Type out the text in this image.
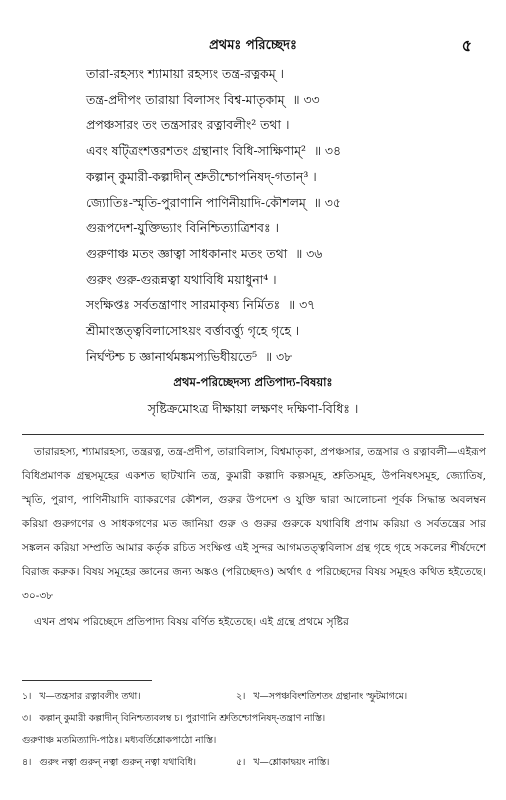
প্রথমঃ পরিচ্ছেদঃ	৫
তারা-রহস্যং শ্যামায়া রহস্যং তন্ত্র-রত্নকম্ ।
তন্ত্র-প্রদীপং তারায়া বিলাসং বিশ্ব-মাতৃকাম্ ॥ ৩৩
প্রপঞ্চসারং তং তন্ত্রসারং রত্নাবলীং² তথা ।
এবং ষট্ত্রিংশত্তরশতং গ্রন্থানাং বিধি-সাক্ষিণাম্² ॥ ৩৪
কল্পান্ কুমারী-কল্পাদীন্ শ্রুতীশ্চোপনিষদ্-গতান্³ ।
জ্যোতিঃ-স্মৃতি-পুরাণানি পাণিনীয়াদি-কৌশলম্ ॥ ৩৫
গুরূপদেশ-যুক্তিভ্যাং বিনিশ্চিত্যাত্রিশবঃ ।
গুরুণাঞ্চ মতং জ্ঞাত্বা সাধকানাং মতং তথা ॥ ৩৬
গুরুং গুরু-গুরূন্নত্বা যথাবিধি ময়াধুনা⁴ ।
সংক্ষিপ্তঃ সর্বতন্ত্রাণাং সারমাকৃষ্য নির্মিতঃ ॥ ৩৭
শ্রীমাংস্তত্ত্ববিলাসোঽয়ং বর্ত্তাবর্ত্ত্যু গৃহে গৃহে ।
নির্ঘণ্টশ্চ চ জ্ঞানার্থমঙ্কমপ্যভিধীয়তে⁵ ॥ ৩৮
প্রথম-পরিচ্ছেদস্য প্রতিপাদ্য-বিষয়াঃ
সৃষ্টিক্রমোঽত্র দীক্ষায়া লক্ষণং দক্ষিণা-বিধিঃ ।

তারারহস্য, শ্যামারহস্য, তন্ত্ররত্ন, তন্ত্র-প্রদীপ, তারাবিলাস, বিশ্বমাতৃকা, প্রপঞ্চসার, তন্ত্রসার ও রত্নাবলী—এইরূপ বিধিপ্রমাণক গ্রন্থসমূহের একশত ছাটখানি তন্ত্র, কুমারী কল্পাদি কল্পসমূহ, শ্রুতিসমূহ, উপনিষৎসমূহ, জ্যোতিষ, স্মৃতি, পুরাণ, পাণিনীয়াদি ব্যাকরণের কৌশল, গুরুর উপদেশ ও যুক্তি দ্বারা আলোচনা পূর্বক সিদ্ধান্ত অবলম্বন করিয়া গুরুগণের ও সাধকগণের মত জানিয়া গুরু ও গুরুর গুরুকে যথাবিধি প্রণাম করিয়া ও সর্বতন্ত্রের সার সঙ্কলন করিয়া সম্প্রতি আমার কর্তৃক রচিত সংক্ষিপ্ত এই সুন্দর আগমতত্ত্ববিলাস গ্রন্থ গৃহে গৃহে সকলের শীর্ষদেশে বিরাজ করুক। বিষয় সমূহের জ্ঞানের জন্য অঙ্কও (পরিচ্ছেদও) অর্থাৎ ৫ পরিচ্ছেদের বিষয় সমূহও কথিত হইতেছে। ৩০-৩৮

এখন প্রথম পরিচ্ছেদে প্রতিপাদ্য বিষয় বর্ণিত হইতেছে। এই গ্রন্থে প্রথমে সৃষ্টির

১। খ—তন্ত্রসার রত্নাবলীং তথা।	২। খ—সপঞ্চবিংশতিশতং গ্রন্থানাং স্ফুটমাগমে।
৩। কল্পান্ কুমারী কল্পাদীন্ বিনিশ্চত্যবলম্ব চ। পুরাণানি শ্রুতিশ্চোপনিষদ্-তন্ত্রাণ নাস্তি।
গুরুণাঞ্চ মতমিত্যাদি-পাঠঃ। মধ্যবর্তিশ্লোকপাঠো নাস্তি।
৪। গুরুং নত্বা গুরুন্ নত্বা গুরুন্ নত্বা যথাবিধি।	৫। খ—শ্লোকাদ্বয়ং নাস্তি।
